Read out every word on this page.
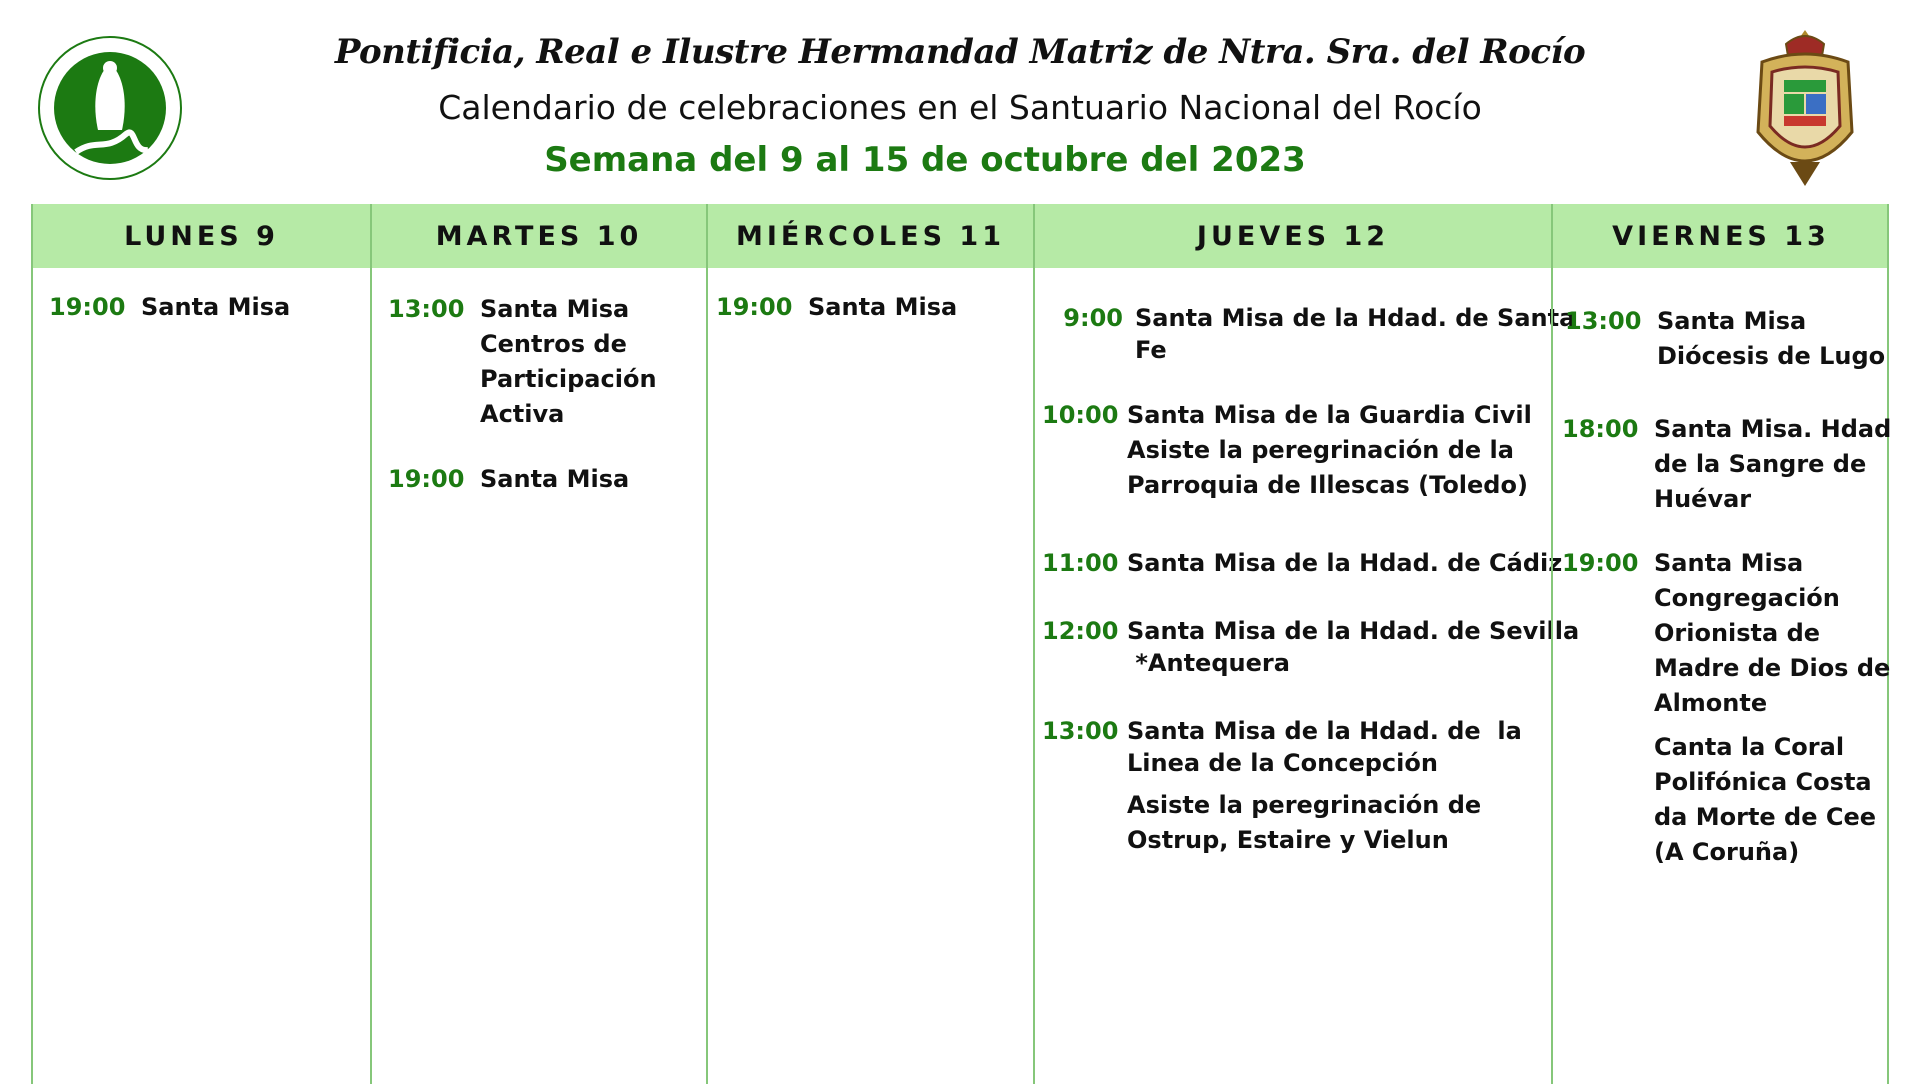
Pontificia, Real e Ilustre Hermandad Matriz de Ntra. Sra. del Rocío
Calendario de celebraciones en el Santuario Nacional del Rocío
Semana del 9 al 15 de octubre del 2023
LUNES 9
19:00 Santa Misa
MARTES 10
13:00 Santa Misa
Centros de
Participación
Activa
19:00 Santa Misa
MIÉRCOLES 11
19:00 Santa Misa
JUEVES 12
9:00 Santa Misa de la Hdad. de Santa
Fe
10:00 Santa Misa de la Guardia Civil
Asiste la peregrinación de la
Parroquia de Illescas (Toledo)
11:00 Santa Misa de la Hdad. de Cádiz
12:00 Santa Misa de la Hdad. de Sevilla
*Antequera
13:00 Santa Misa de la Hdad. de  la
Linea de la Concepción
Asiste la peregrinación de
Ostrup, Estaire y Vielun
VIERNES 13
13:00 Santa Misa
Diócesis de Lugo
18:00 Santa Misa. Hdad
de la Sangre de
Huévar
19:00 Santa Misa
Congregación
Orionista de
Madre de Dios de
Almonte
Canta la Coral
Polifónica Costa
da Morte de Cee
(A Coruña)
